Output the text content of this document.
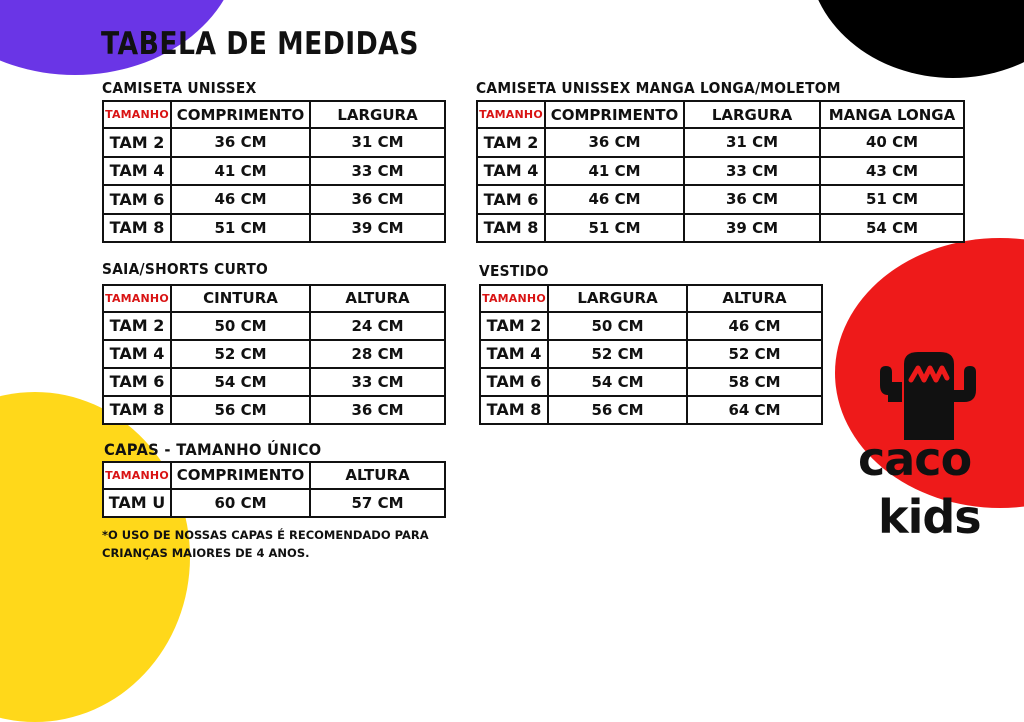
TABELA DE MEDIDAS
CAMISETA UNISSEX
TAMANHO	COMPRIMENTO	LARGURA
TAM 2	36 CM	31 CM
TAM 4	41 CM	33 CM
TAM 6	46 CM	36 CM
TAM 8	51 CM	39 CM
CAMISETA UNISSEX MANGA LONGA/MOLETOM
TAMANHO	COMPRIMENTO	LARGURA	MANGA LONGA
TAM 2	36 CM	31 CM	40 CM
TAM 4	41 CM	33 CM	43 CM
TAM 6	46 CM	36 CM	51 CM
TAM 8	51 CM	39 CM	54 CM
SAIA/SHORTS CURTO
TAMANHO	CINTURA	ALTURA
TAM 2	50 CM	24 CM
TAM 4	52 CM	28 CM
TAM 6	54 CM	33 CM
TAM 8	56 CM	36 CM
VESTIDO
TAMANHO	LARGURA	ALTURA
TAM 2	50 CM	46 CM
TAM 4	52 CM	52 CM
TAM 6	54 CM	58 CM
TAM 8	56 CM	64 CM
CAPAS - TAMANHO ÚNICO
TAMANHO	COMPRIMENTO	ALTURA
TAM U	60 CM	57 CM
*O USO DE NOSSAS CAPAS É RECOMENDADO PARA CRIANÇAS MAIORES DE 4 ANOS.
caco
kids
